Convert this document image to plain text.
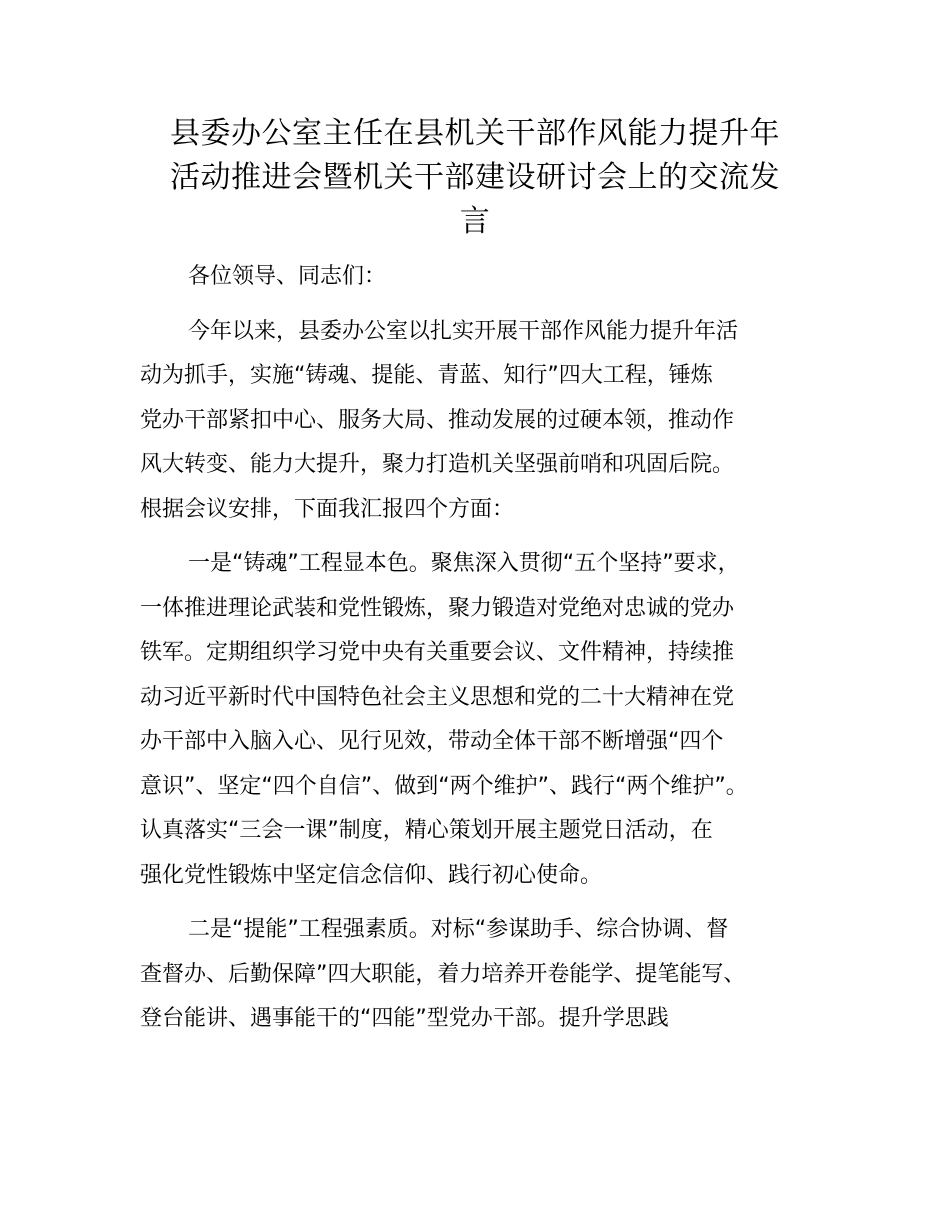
县委办公室主任在县机关干部作风能力提升年
活动推进会暨机关干部建设研讨会上的交流发
言

各位领导、同志们：

今年以来，县委办公室以扎实开展干部作风能力提升年活
动为抓手，实施“铸魂、提能、青蓝、知行”四大工程，锤炼
党办干部紧扣中心、服务大局、推动发展的过硬本领，推动作
风大转变、能力大提升，聚力打造机关坚强前哨和巩固后院。
根据会议安排，下面我汇报四个方面：

一是“铸魂”工程显本色。聚焦深入贯彻“五个坚持”要求，
一体推进理论武装和党性锻炼，聚力锻造对党绝对忠诚的党办
铁军。定期组织学习党中央有关重要会议、文件精神，持续推
动习近平新时代中国特色社会主义思想和党的二十大精神在党
办干部中入脑入心、见行见效，带动全体干部不断增强“四个
意识”、坚定“四个自信”、做到“两个维护”、践行“两个维护”。
认真落实“三会一课”制度，精心策划开展主题党日活动，在
强化党性锻炼中坚定信念信仰、践行初心使命。

二是“提能”工程强素质。对标“参谋助手、综合协调、督
查督办、后勤保障”四大职能，着力培养开卷能学、提笔能写、
登台能讲、遇事能干的“四能”型党办干部。提升学思践
